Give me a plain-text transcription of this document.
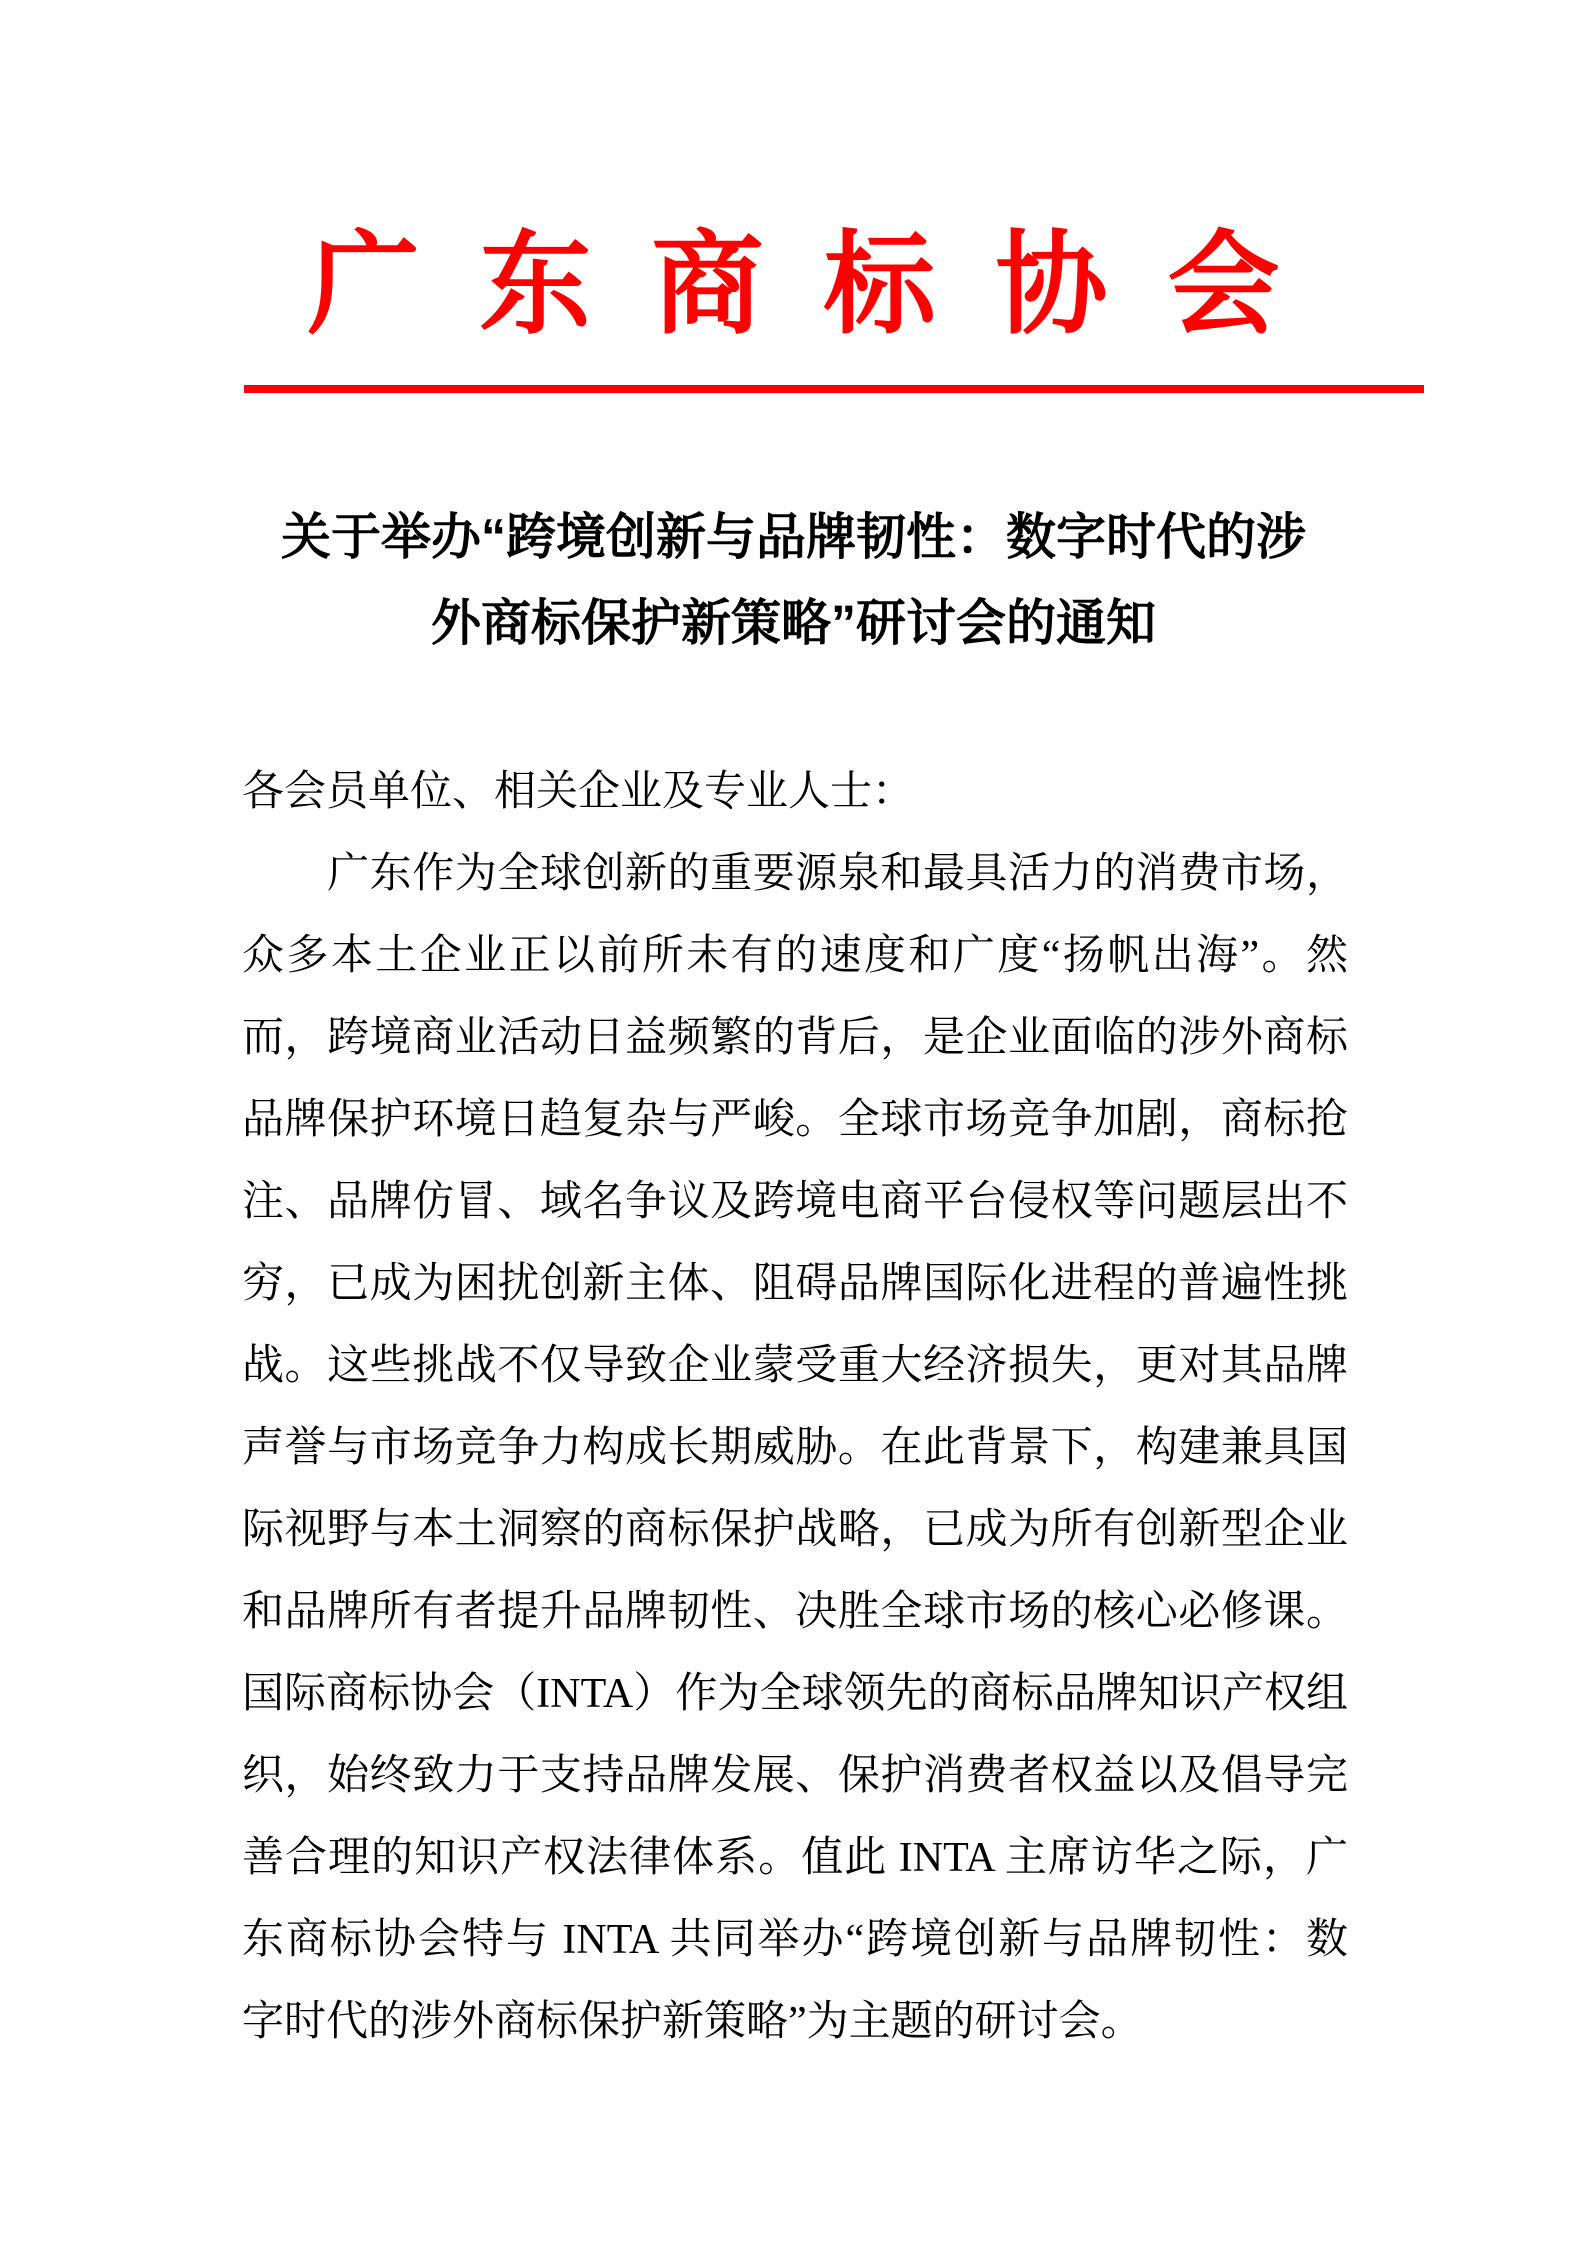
广东商标协会
关于举办“跨境创新与品牌韧性：数字时代的涉
外商标保护新策略”研讨会的通知
各会员单位、相关企业及专业人士：
　　广东作为全球创新的重要源泉和最具活力的消费市场，
众多本土企业正以前所未有的速度和广度“扬帆出海”。然
而，跨境商业活动日益频繁的背后，是企业面临的涉外商标
品牌保护环境日趋复杂与严峻。全球市场竞争加剧，商标抢
注、品牌仿冒、域名争议及跨境电商平台侵权等问题层出不
穷，已成为困扰创新主体、阻碍品牌国际化进程的普遍性挑
战。这些挑战不仅导致企业蒙受重大经济损失，更对其品牌
声誉与市场竞争力构成长期威胁。在此背景下，构建兼具国
际视野与本土洞察的商标保护战略，已成为所有创新型企业
和品牌所有者提升品牌韧性、决胜全球市场的核心必修课。
国际商标协会（INTA）作为全球领先的商标品牌知识产权组
织，始终致力于支持品牌发展、保护消费者权益以及倡导完
善合理的知识产权法律体系。值此 INTA 主席访华之际，广
东商标协会特与 INTA 共同举办“跨境创新与品牌韧性：数
字时代的涉外商标保护新策略”为主题的研讨会。
